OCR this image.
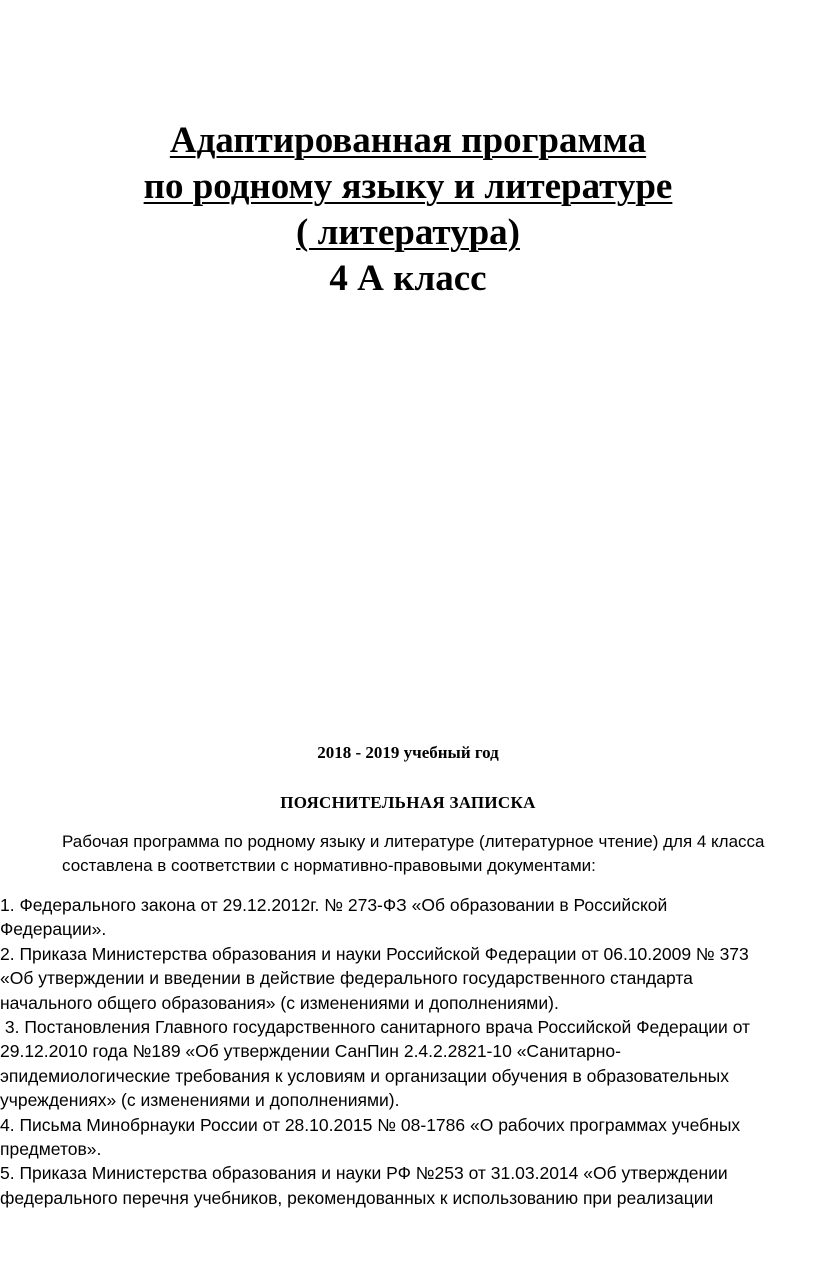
Адаптированная программа
по родному языку и литературе
( литература)
4 А класс
2018 - 2019 учебный год
ПОЯСНИТЕЛЬНАЯ ЗАПИСКА
Рабочая программа по родному языку и литературе (литературное чтение) для 4 класса
составлена в соответствии с нормативно-правовыми документами:
1. Федерального закона от 29.12.2012г. № 273-ФЗ «Об образовании в Российской
Федерации».
2. Приказа Министерства образования и науки Российской Федерации от 06.10.2009 № 373
«Об утверждении и введении в действие федерального государственного стандарта
начального общего образования» (с изменениями и дополнениями).
3. Постановления Главного государственного санитарного врача Российской Федерации от
29.12.2010 года №189 «Об утверждении СанПин 2.4.2.2821-10 «Санитарно-
эпидемиологические требования к условиям и организации обучения в образовательных
учреждениях» (с изменениями и дополнениями).
4. Письма Минобрнауки России от 28.10.2015 № 08-1786 «О рабочих программах учебных
предметов».
5. Приказа Министерства образования и науки РФ №253 от 31.03.2014 «Об утверждении
федерального перечня учебников, рекомендованных к использованию при реализации
